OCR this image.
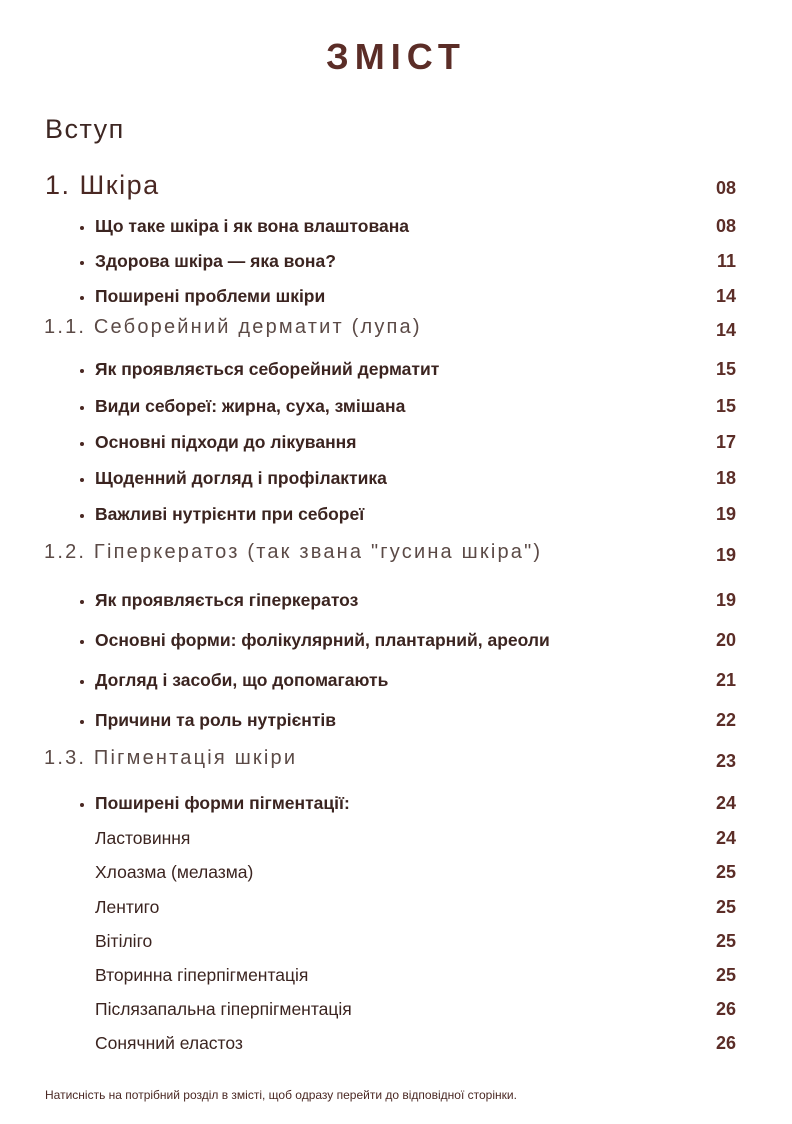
ЗМІСТ
Вступ
1. Шкіра	08
Що таке шкіра і як вона влаштована	08
Здорова шкіра — яка вона?	11
Поширені проблеми шкіри	14
1.1. Себорейний дерматит (лупа)	14
Як проявляється себорейний дерматит	15
Види себореї: жирна, суха, змішана	15
Основні підходи до лікування	17
Щоденний догляд і профілактика	18
Важливі нутрієнти при себореї	19
1.2. Гіперкератоз (так звана "гусина шкіра")	19
Як проявляється гіперкератоз	19
Основні форми: фолікулярний, плантарний, ареоли	20
Догляд і засоби, що допомагають	21
Причини та роль нутрієнтів	22
1.3. Пігментація шкіри	23
Поширені форми пігментації:	24
Ластовиння	24
Хлоазма (мелазма)	25
Лентиго	25
Вітіліго	25
Вторинна гіперпігментація	25
Післязапальна гіперпігментація	26
Сонячний еластоз	26
Натисність на потрібний розділ в змісті, щоб одразу перейти до відповідної сторінки.
